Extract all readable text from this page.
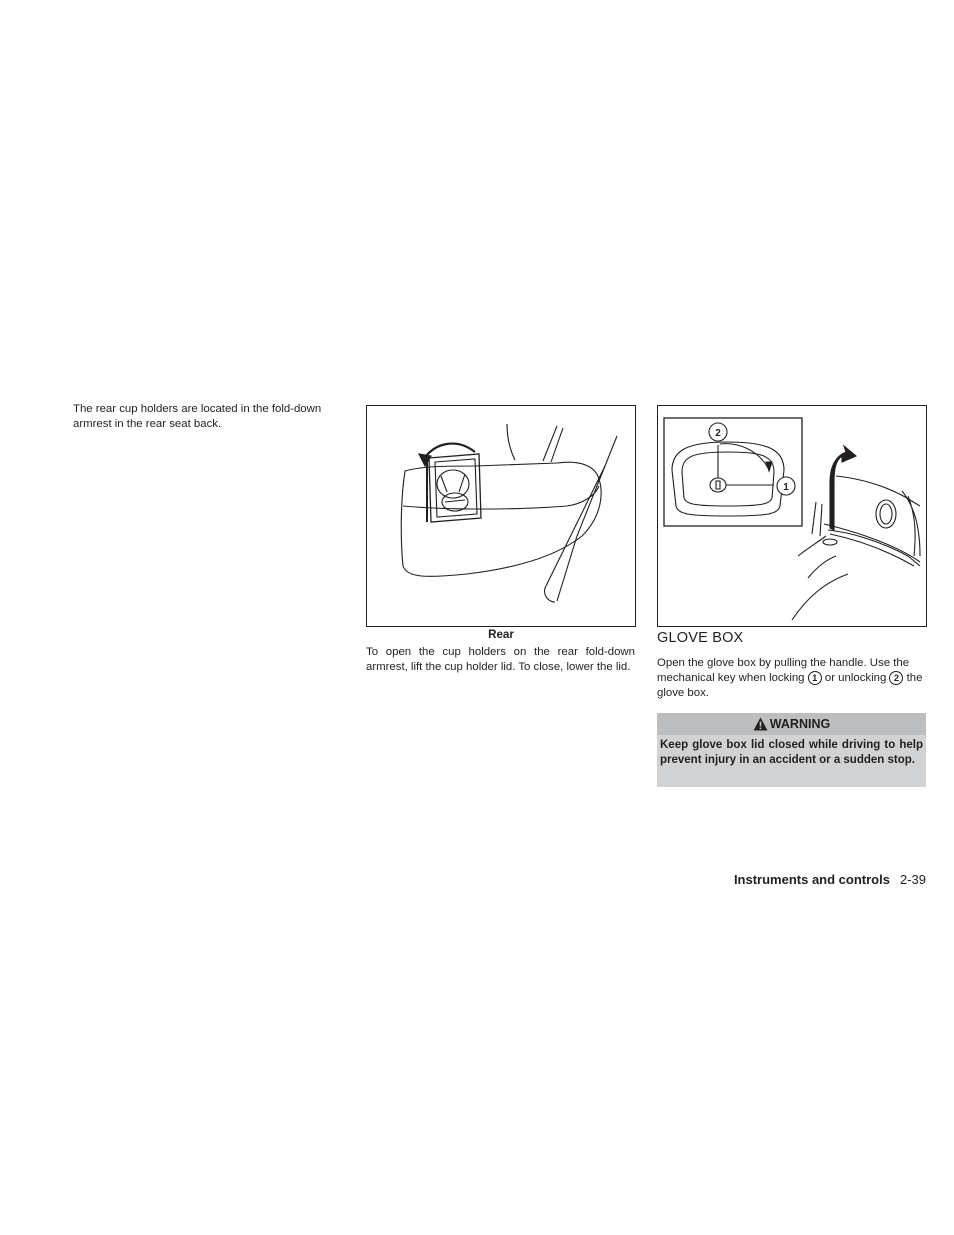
The rear cup holders are located in the fold-down armrest in the rear seat back.
Rear
To open the cup holders on the rear fold-down armrest, lift the cup holder lid. To close, lower the lid.
2
1
GLOVE BOX
Open the glove box by pulling the handle. Use the mechanical key when locking 1 or unlocking 2 the glove box.
WARNING
Keep glove box lid closed while driving to help prevent injury in an accident or a sudden stop.
Instruments and controls 2-39
